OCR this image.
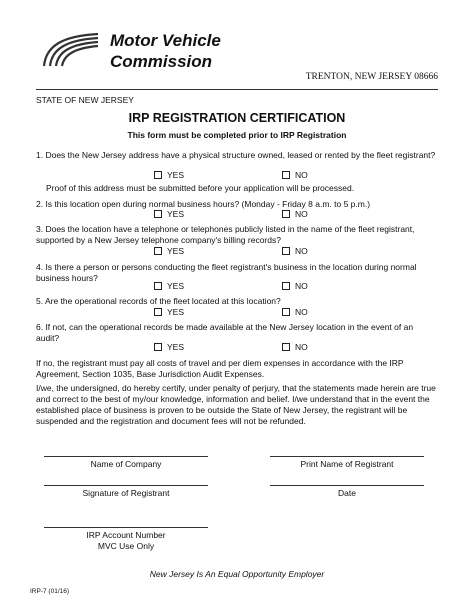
Motor Vehicle
Commission
TRENTON, NEW JERSEY 08666
STATE OF NEW JERSEY
IRP REGISTRATION CERTIFICATION
This form must be completed prior to IRP Registration
1. Does the New Jersey address have a physical structure owned, leased or rented by the fleet registrant?
YES	NO
Proof of this address must be submitted before your application will be processed.
2. Is this location open during normal business hours? (Monday - Friday 8 a.m. to 5 p.m.)
YES	NO
3. Does the location have a telephone or telephones publicly listed in the name of the fleet registrant, supported by a New Jersey telephone company's billing records?
YES	NO
4. Is there a person or persons conducting the fleet registrant's business in the location during normal business hours?
YES	NO
5. Are the operational records of the fleet located at this location?
YES	NO
6. If not, can the operational records be made available at the New Jersey location in the event of an audit?
YES	NO
If no, the registrant must pay all costs of travel and per diem expenses in accordance with the IRP Agreement, Section 1035, Base Jurisdiction Audit Expenses.
I/we, the undersigned, do hereby certify, under penalty of perjury, that the statements made herein are true and correct to the best of my/our knowledge, information and belief. I/we understand that in the event the established place of business is proven to be outside the State of New Jersey, the registrant will be suspended and the registration and document fees will not be refunded.
Name of Company	Print Name of Registrant
Signature of Registrant	Date
IRP Account Number
MVC Use Only
New Jersey Is An Equal Opportunity Employer
IRP-7 (01/16)
